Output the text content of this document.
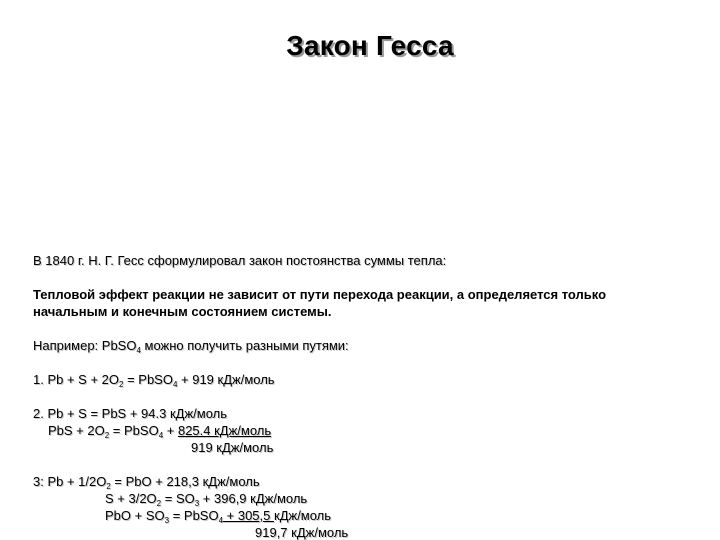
Закон Гесса
В 1840 г. Н. Г. Гесс сформулировал закон постоянства суммы тепла:
Тепловой эффект реакции не зависит от пути перехода реакции, а определяется только
начальным и конечным состоянием системы.
Например: PbSO$_4$ можно получить разными путями:
1. $Pb + S + 2O_2$ = PbSO$_4$ + 919 кДж/моль
2. Pb + S = PbS + 94.3 кДж/моль
PbS + $2O_2$ = PbSO$_4$ + 825.4 кДж/моль
919 кДж/моль
3: $Pb + 1/2O_2$ = PbO + 218,3 кДж/моль
$S + 3/2O_2 = SO_3 + 396,9$ кДж/моль
PbO + $SO_3$ = PbSO$_4$ + 305,5 кДж/моль
919,7 кДж/моль
